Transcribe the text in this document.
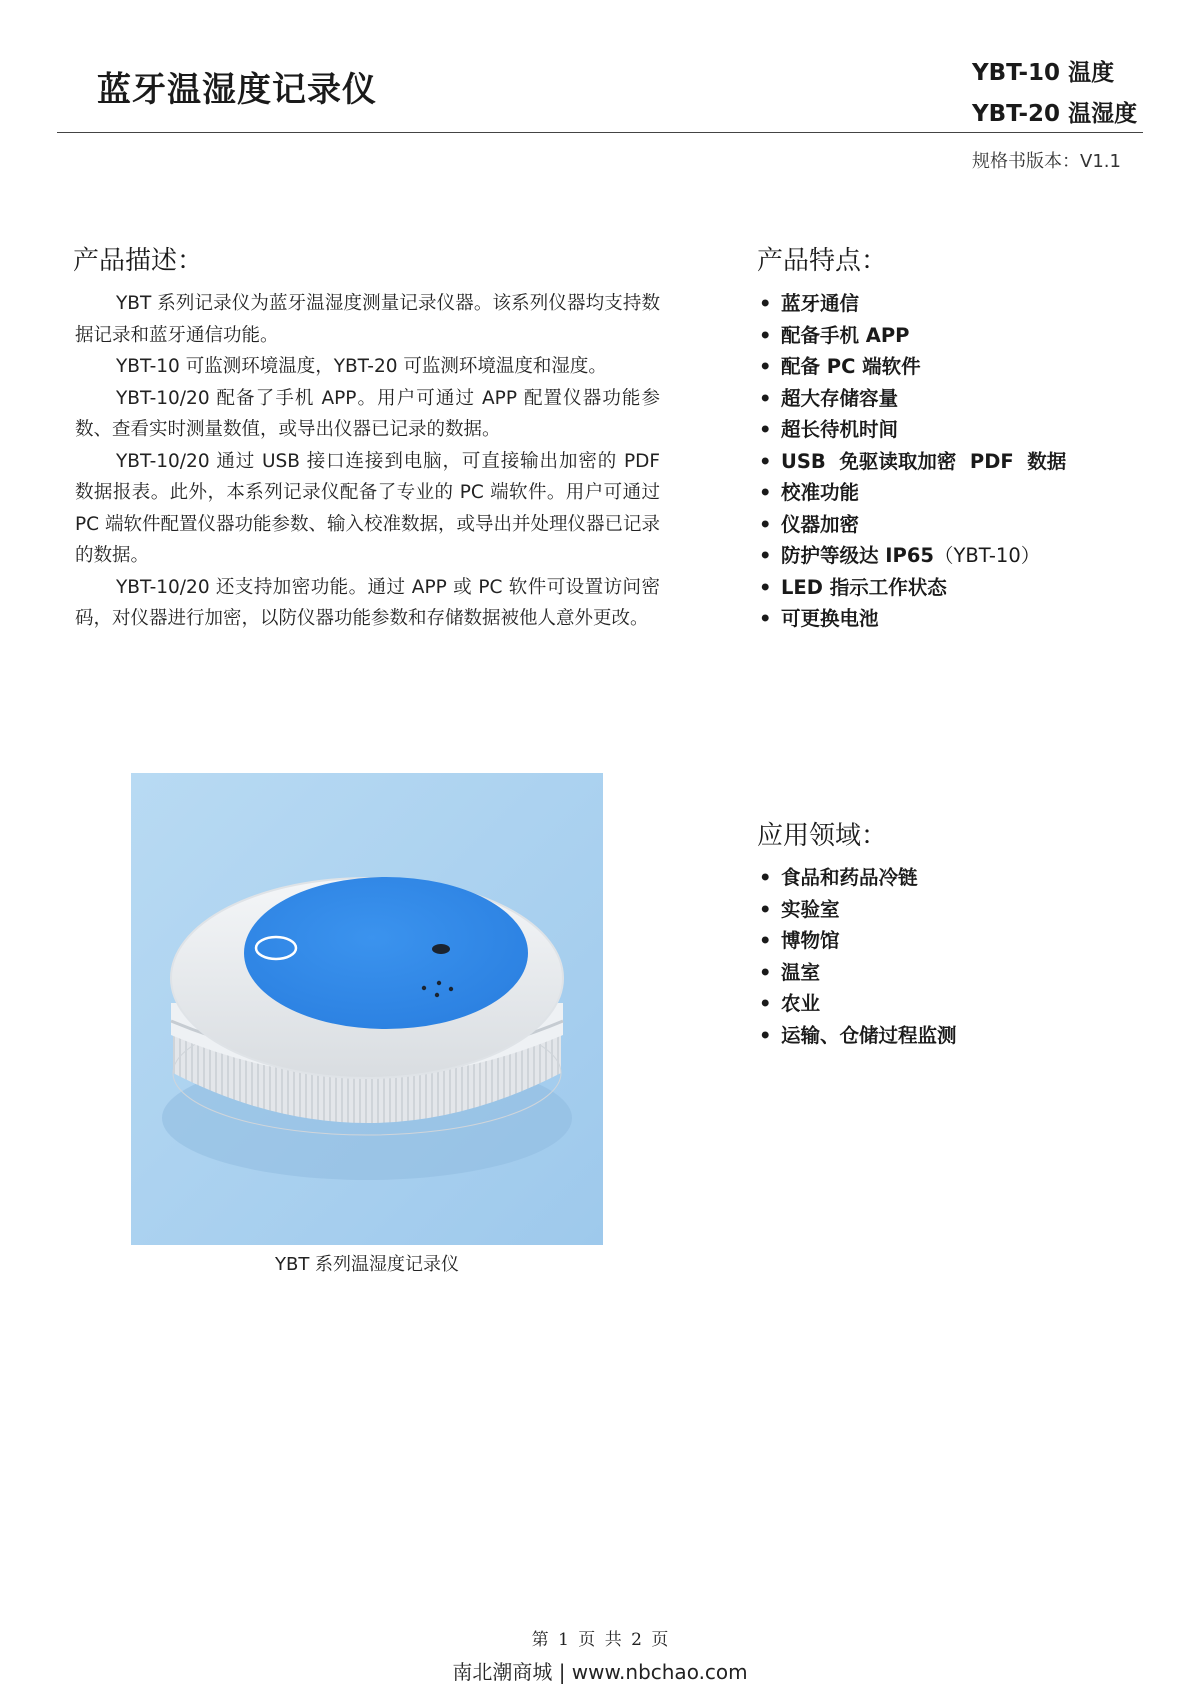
蓝牙温湿度记录仪	YBT-10 温度
YBT-20 温湿度
规格书版本：V1.1
产品描述：

YBT 系列记录仪为蓝牙温湿度测量记录仪器。该系列仪器均支持数据记录和蓝牙通信功能。

YBT-10 可监测环境温度，YBT-20 可监测环境温度和湿度。

YBT-10/20 配备了手机 APP。用户可通过 APP 配置仪器功能参数、查看实时测量数值，或导出仪器已记录的数据。

YBT-10/20 通过 USB 接口连接到电脑，可直接输出加密的 PDF 数据报表。此外，本系列记录仪配备了专业的 PC 端软件。用户可通过 PC 端软件配置仪器功能参数、输入校准数据，或导出并处理仪器已记录的数据。

YBT-10/20 还支持加密功能。通过 APP 或 PC 软件可设置访问密码，对仪器进行加密，以防仪器功能参数和存储数据被他人意外更改。

产品特点：
• 蓝牙通信
• 配备手机 APP
• 配备 PC 端软件
• 超大存储容量
• 超长待机时间
• USB  免驱读取加密  PDF  数据
• 校准功能
• 仪器加密
• 防护等级达 IP65（YBT-10）
• LED 指示工作状态
• 可更换电池
应用领域：
• 食品和药品冷链
• 实验室
• 博物馆
• 温室
• 农业
• 运输、仓储过程监测
YBT 系列温湿度记录仪
第 1 页 共 2 页
南北潮商城 | www.nbchao.com
